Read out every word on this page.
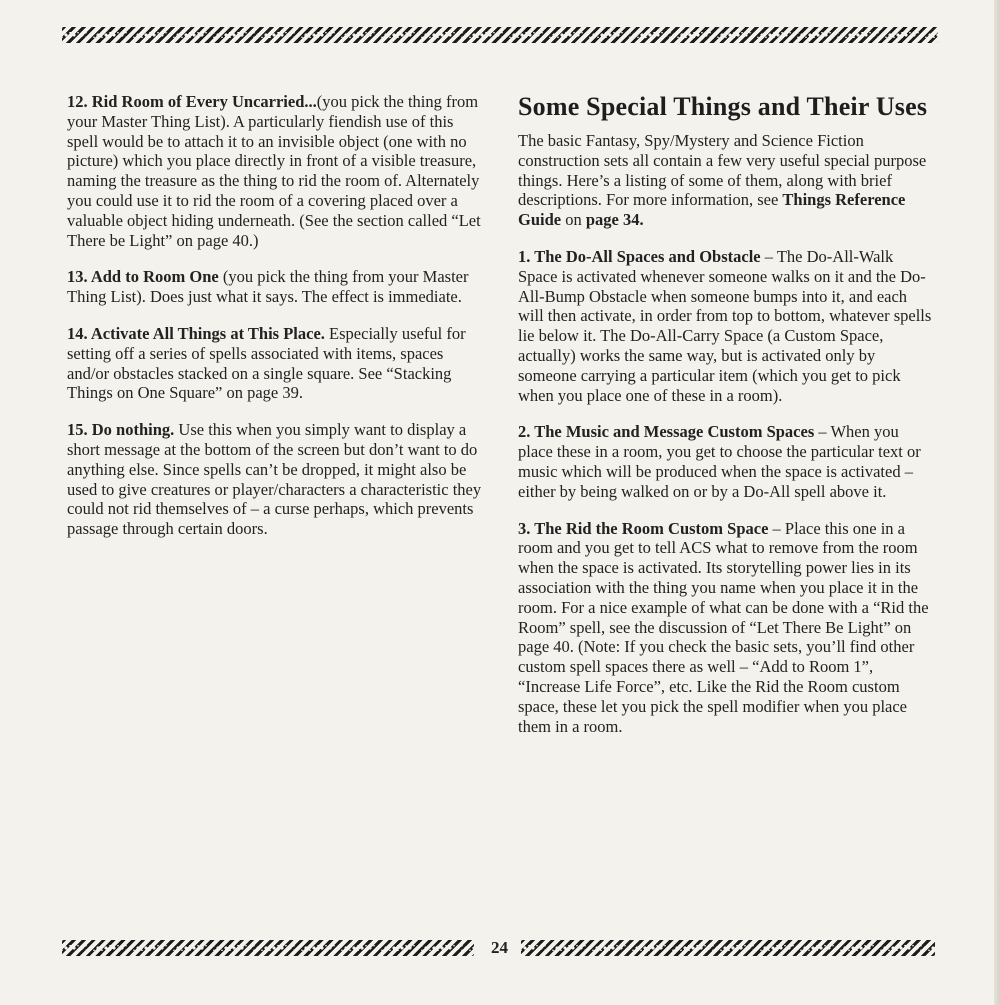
12. Rid Room of Every Uncarried...(you pick the thing from your Master Thing List). A particularly fiendish use of this spell would be to attach it to an invisible object (one with no picture) which you place directly in front of a visible treasure, naming the treasure as the thing to rid the room of. Alternately you could use it to rid the room of a covering placed over a valuable object hiding underneath. (See the section called “Let There be Light” on page 40.)

13. Add to Room One (you pick the thing from your Master Thing List). Does just what it says. The effect is immediate.

14. Activate All Things at This Place. Especially useful for setting off a series of spells associated with items, spaces and/or obstacles stacked on a single square. See “Stacking Things on One Square” on page 39.

15. Do nothing. Use this when you simply want to display a short message at the bottom of the screen but don’t want to do anything else. Since spells can’t be dropped, it might also be used to give creatures or player/characters a characteristic they could not rid themselves of – a curse perhaps, which prevents passage through certain doors.

Some Special Things and Their Uses

The basic Fantasy, Spy/Mystery and Science Fiction construction sets all contain a few very useful special purpose things. Here’s a listing of some of them, along with brief descriptions. For more information, see Things Reference Guide on page 34.

1. The Do-All Spaces and Obstacle – The Do-All-Walk Space is activated whenever someone walks on it and the Do-All-Bump Obstacle when someone bumps into it, and each will then activate, in order from top to bottom, whatever spells lie below it. The Do-All-Carry Space (a Custom Space, actually) works the same way, but is activated only by someone carrying a particular item (which you get to pick when you place one of these in a room).

2. The Music and Message Custom Spaces – When you place these in a room, you get to choose the particular text or music which will be produced when the space is activated – either by being walked on or by a Do-All spell above it.

3. The Rid the Room Custom Space – Place this one in a room and you get to tell ACS what to remove from the room when the space is activated. Its storytelling power lies in its association with the thing you name when you place it in the room. For a nice example of what can be done with a “Rid the Room” spell, see the discussion of “Let There Be Light” on page 40. (Note: If you check the basic sets, you’ll find other custom spell spaces there as well – “Add to Room 1”, “Increase Life Force”, etc. Like the Rid the Room custom space, these let you pick the spell modifier when you place them in a room.

24
